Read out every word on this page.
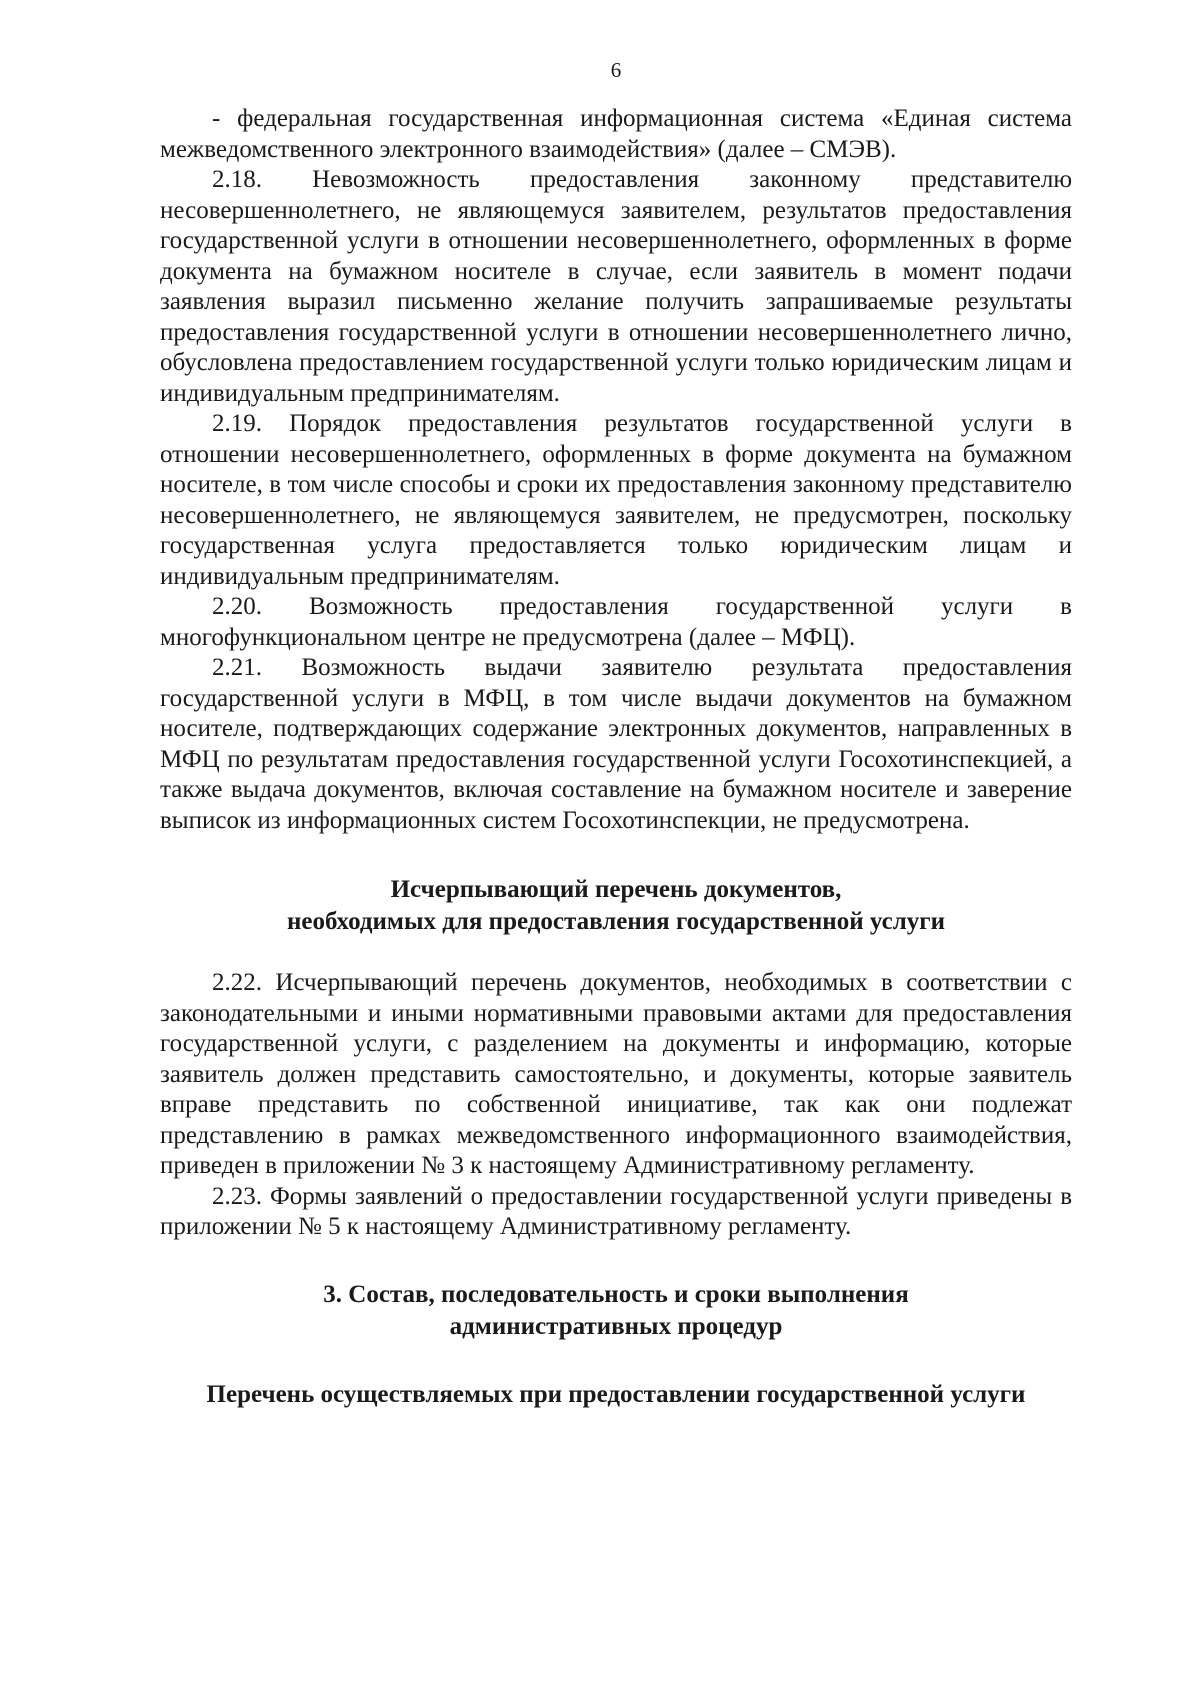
6

- федеральная государственная информационная система «Единая система межведомственного электронного взаимодействия» (далее – СМЭВ).

2.18. Невозможность предоставления законному представителю несовершеннолетнего, не являющемуся заявителем, результатов предоставления государственной услуги в отношении несовершеннолетнего, оформленных в форме документа на бумажном носителе в случае, если заявитель в момент подачи заявления выразил письменно желание получить запрашиваемые результаты предоставления государственной услуги в отношении несовершеннолетнего лично, обусловлена предоставлением государственной услуги только юридическим лицам и индивидуальным предпринимателям.

2.19. Порядок предоставления результатов государственной услуги в отношении несовершеннолетнего, оформленных в форме документа на бумажном носителе, в том числе способы и сроки их предоставления законному представителю несовершеннолетнего, не являющемуся заявителем, не предусмотрен, поскольку государственная услуга предоставляется только юридическим лицам и индивидуальным предпринимателям.

2.20. Возможность предоставления государственной услуги в многофункциональном центре не предусмотрена (далее – МФЦ).

2.21. Возможность выдачи заявителю результата предоставления государственной услуги в МФЦ, в том числе выдачи документов на бумажном носителе, подтверждающих содержание электронных документов, направленных в МФЦ по результатам предоставления государственной услуги Госохотинспекцией, а также выдача документов, включая составление на бумажном носителе и заверение выписок из информационных систем Госохотинспекции, не предусмотрена.

Исчерпывающий перечень документов,
необходимых для предоставления государственной услуги

2.22. Исчерпывающий перечень документов, необходимых в соответствии с законодательными и иными нормативными правовыми актами для предоставления государственной услуги, с разделением на документы и информацию, которые заявитель должен представить самостоятельно, и документы, которые заявитель вправе представить по собственной инициативе, так как они подлежат представлению в рамках межведомственного информационного взаимодействия, приведен в приложении № 3 к настоящему Административному регламенту.

2.23. Формы заявлений о предоставлении государственной услуги приведены в приложении № 5 к настоящему Административному регламенту.

3. Состав, последовательность и сроки выполнения
административных процедур
Перечень осуществляемых при предоставлении государственной услуги
